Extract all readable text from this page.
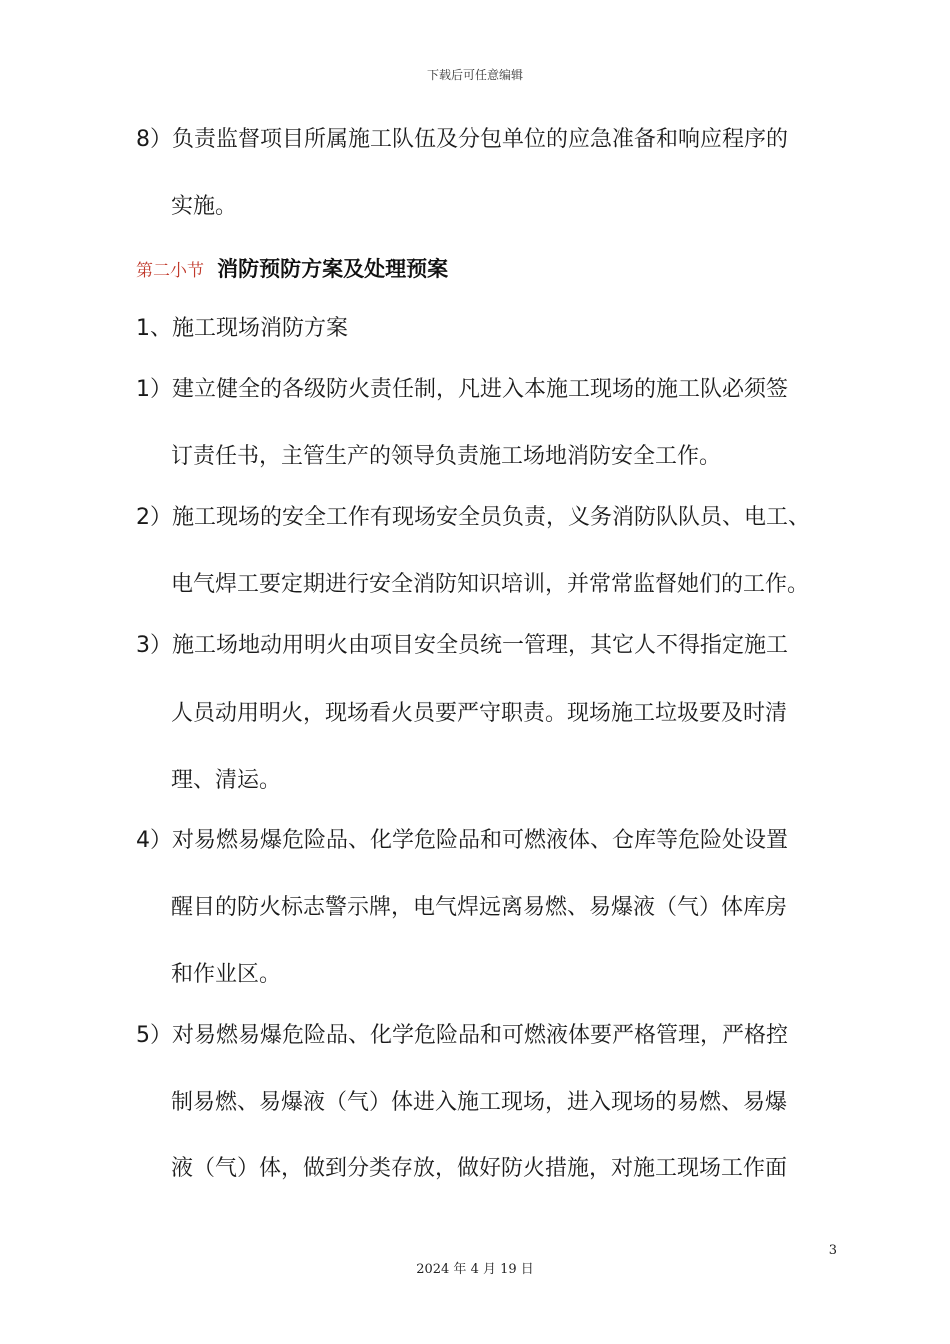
下载后可任意编辑
8）负责监督项目所属施工队伍及分包单位的应急准备和响应程序的
实施。
第二小节 消防预防方案及处理预案
1、施工现场消防方案
1）建立健全的各级防火责任制，凡进入本施工现场的施工队必须签
订责任书，主管生产的领导负责施工场地消防安全工作。
2）施工现场的安全工作有现场安全员负责，义务消防队队员、电工、
电气焊工要定期进行安全消防知识培训，并常常监督她们的工作。
3）施工场地动用明火由项目安全员统一管理，其它人不得指定施工
人员动用明火，现场看火员要严守职责。现场施工垃圾要及时清
理、清运。
4）对易燃易爆危险品、化学危险品和可燃液体、仓库等危险处设置
醒目的防火标志警示牌，电气焊远离易燃、易爆液（气）体库房
和作业区。
5）对易燃易爆危险品、化学危险品和可燃液体要严格管理，严格控
制易燃、易爆液（气）体进入施工现场，进入现场的易燃、易爆
液（气）体，做到分类存放，做好防火措施，对施工现场工作面
3
2024 年 4 月 19 日
